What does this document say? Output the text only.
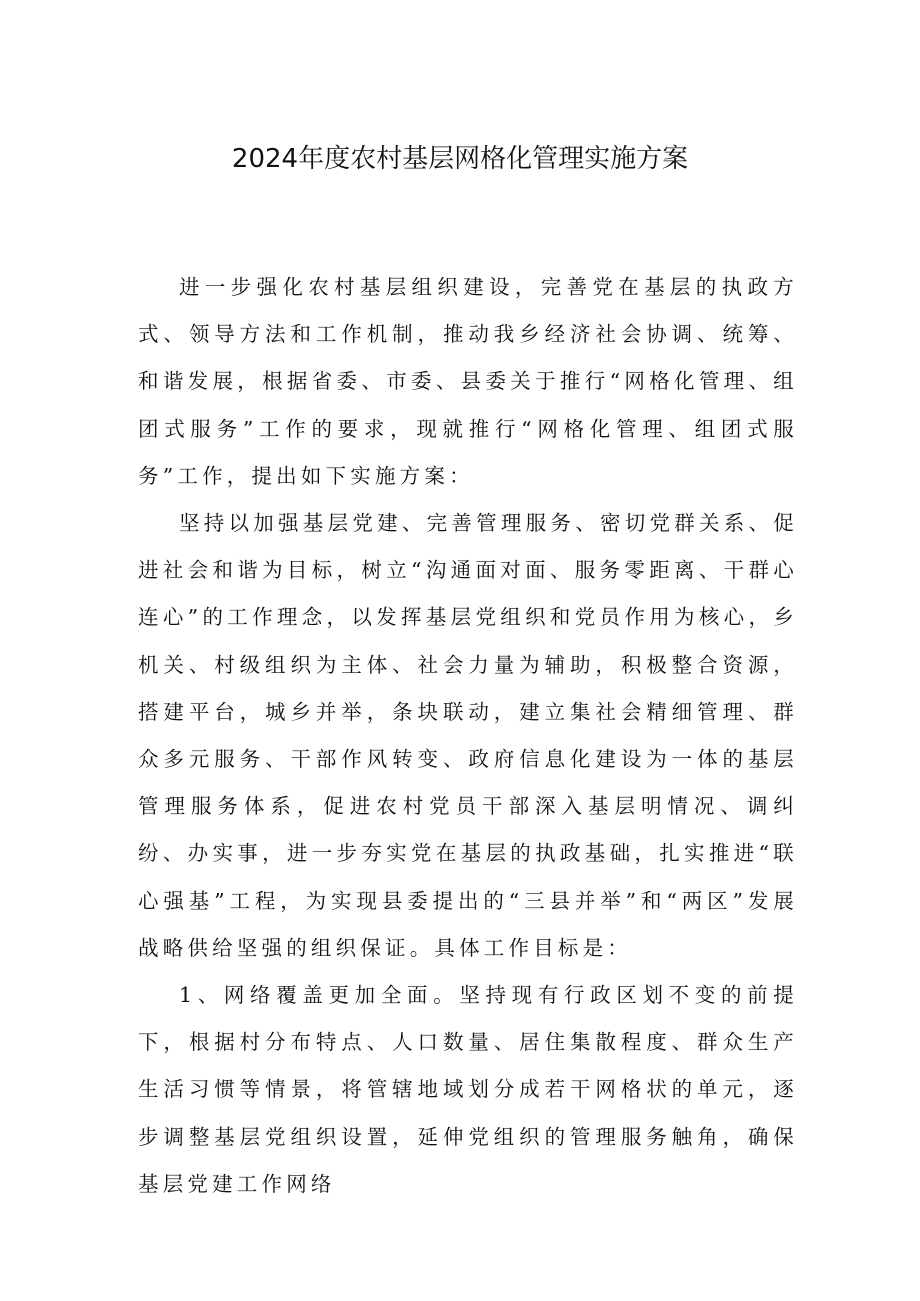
2024年度农村基层网格化管理实施方案

进一步强化农村基层组织建设，完善党在基层的执政方式、领导方法和工作机制，推动我乡经济社会协调、统筹、和谐发展，根据省委、市委、县委关于推行“网格化管理、组团式服务”工作的要求，现就推行“网格化管理、组团式服务”工作，提出如下实施方案：

坚持以加强基层党建、完善管理服务、密切党群关系、促进社会和谐为目标，树立“沟通面对面、服务零距离、干群心连心”的工作理念，以发挥基层党组织和党员作用为核心，乡机关、村级组织为主体、社会力量为辅助，积极整合资源，搭建平台，城乡并举，条块联动，建立集社会精细管理、群众多元服务、干部作风转变、政府信息化建设为一体的基层管理服务体系，促进农村党员干部深入基层明情况、调纠纷、办实事，进一步夯实党在基层的执政基础，扎实推进“联心强基”工程，为实现县委提出的“三县并举”和“两区”发展战略供给坚强的组织保证。具体工作目标是：

1、网络覆盖更加全面。坚持现有行政区划不变的前提下，根据村分布特点、人口数量、居住集散程度、群众生产生活习惯等情景，将管辖地域划分成若干网格状的单元，逐步调整基层党组织设置，延伸党组织的管理服务触角，确保基层党建工作网络
